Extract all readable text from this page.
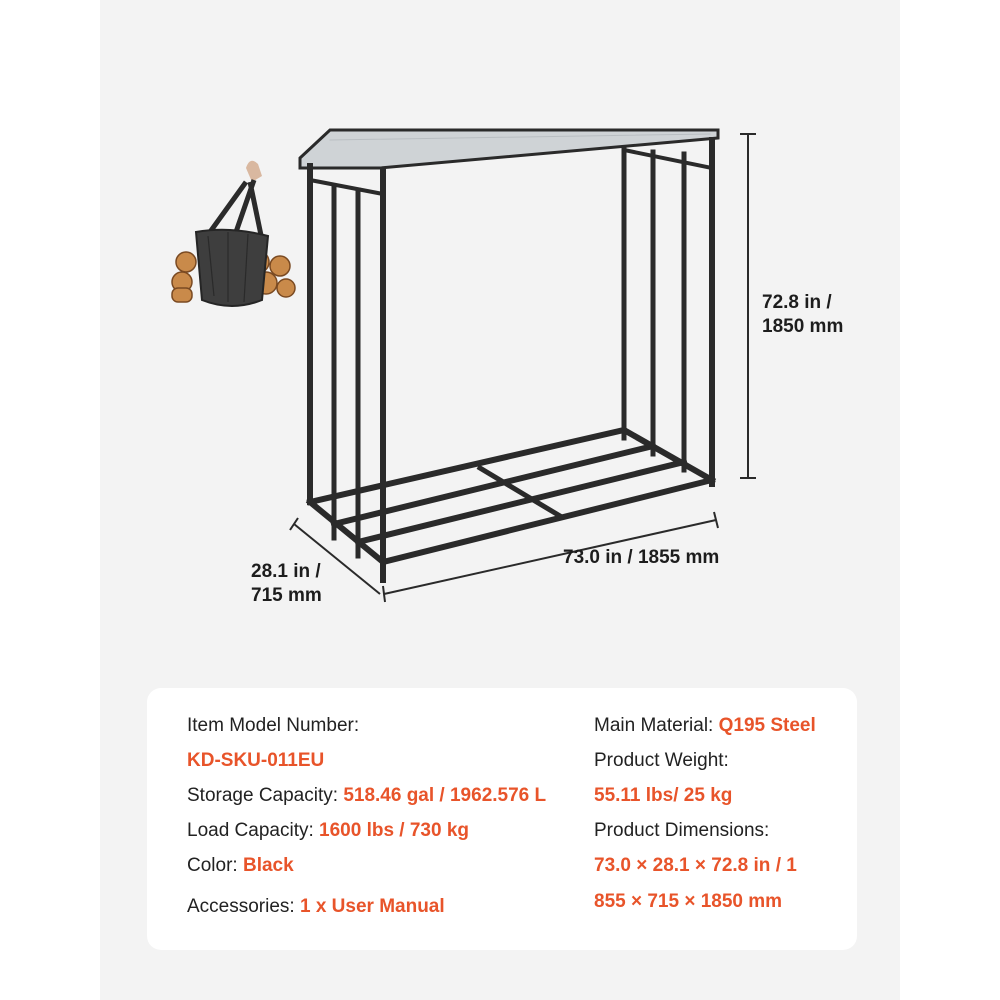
72.8 in /
1850 mm
73.0 in / 1855 mm
28.1 in /
715 mm
Item Model Number:
KD-SKU-011EU
Storage Capacity: 518.46 gal / 1962.576 L
Load Capacity: 1600 lbs / 730 kg
Color: Black
Accessories: 1 x User Manual
Main Material: Q195 Steel
Product Weight:
55.11 lbs/ 25 kg
Product Dimensions:
73.0 × 28.1 × 72.8 in / 1
855 × 715 × 1850 mm
